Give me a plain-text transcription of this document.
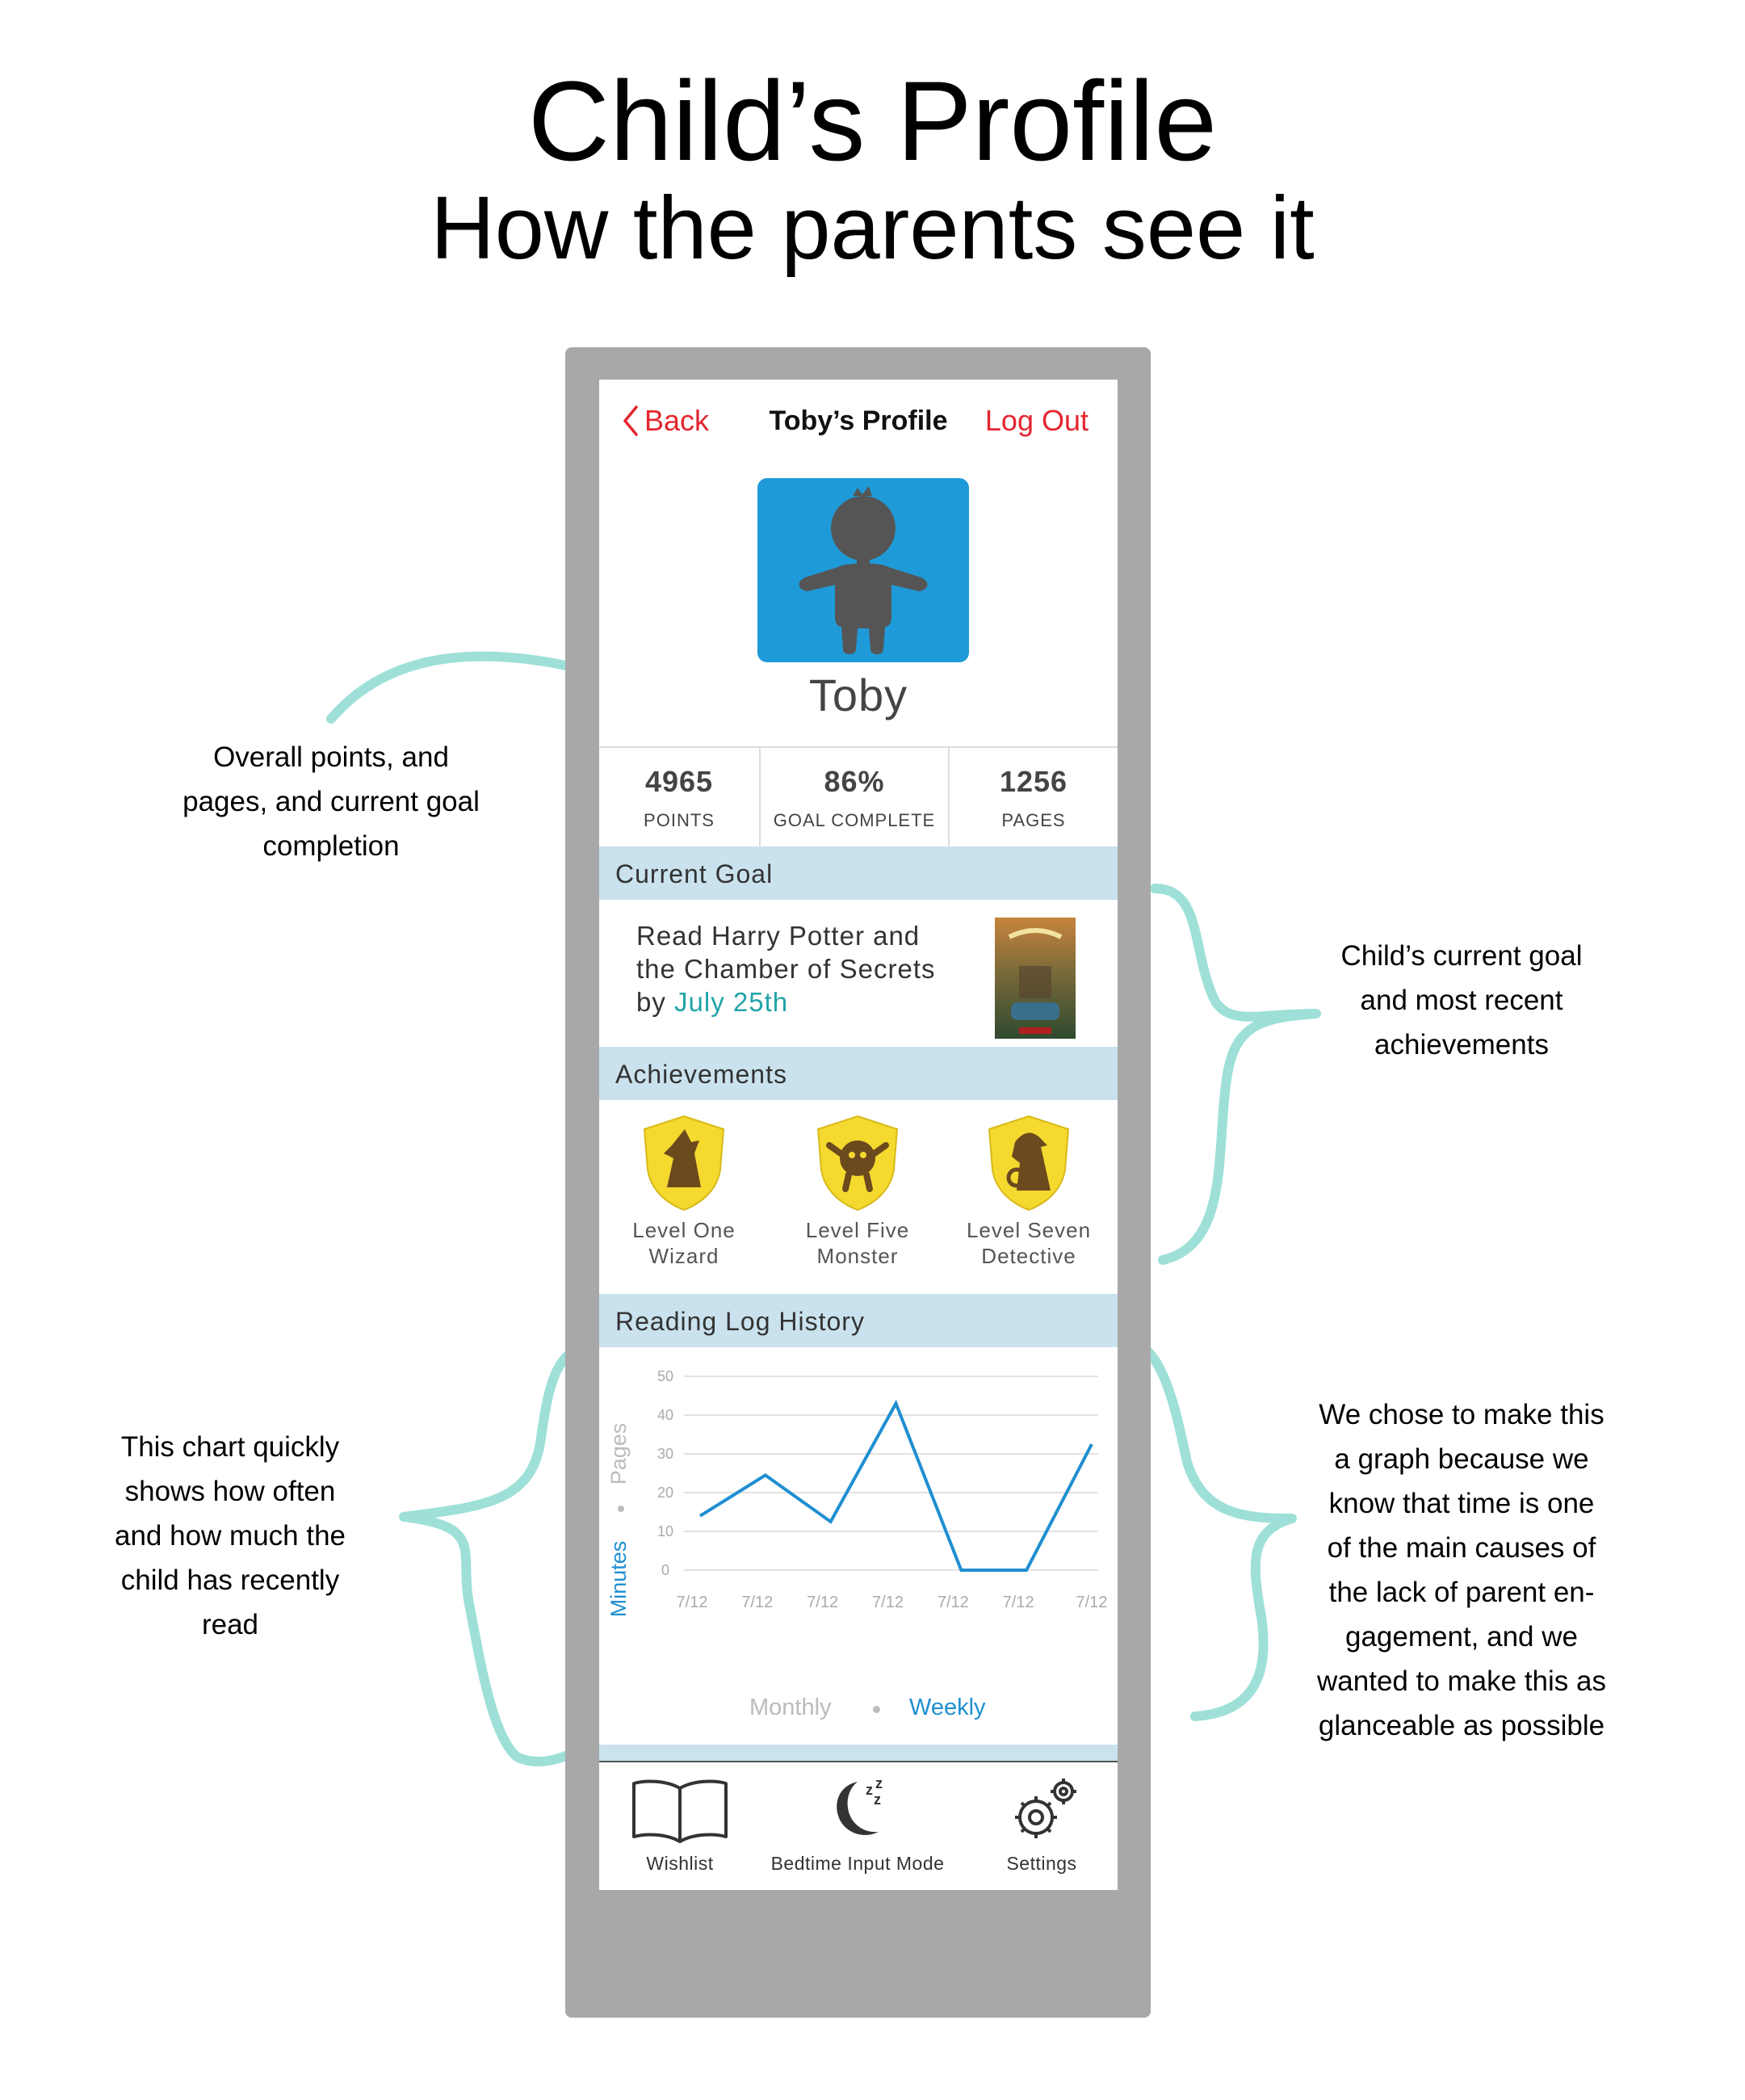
Child’s Profile
How the parents see it
Overall points, and
pages, and current goal
completion
Child’s current goal
and most recent
achievements
This chart quickly
shows how often
and how much the
child has recently
read
We chose to make this
a graph because we
know that time is one
of the main causes of
the lack of parent en-
gagement, and we
wanted to make this as
glanceable as possible
Back	Toby’s Profile	Log Out
Toby
4965
POINTS
86%
GOAL COMPLETE
1256
PAGES
Current Goal
Read Harry Potter and
the Chamber of Secrets
by July 25th
Achievements
Level One
Wizard
Level Five
Monster
Level Seven
Detective
Reading Log History
0
10
20
30
40
50
7/12 7/12 7/12 7/12 7/12 7/12	7/12
Minutes
Pages
Monthly	Weekly
Wishlist
z z
z
Bedtime Input Mode	Settings
